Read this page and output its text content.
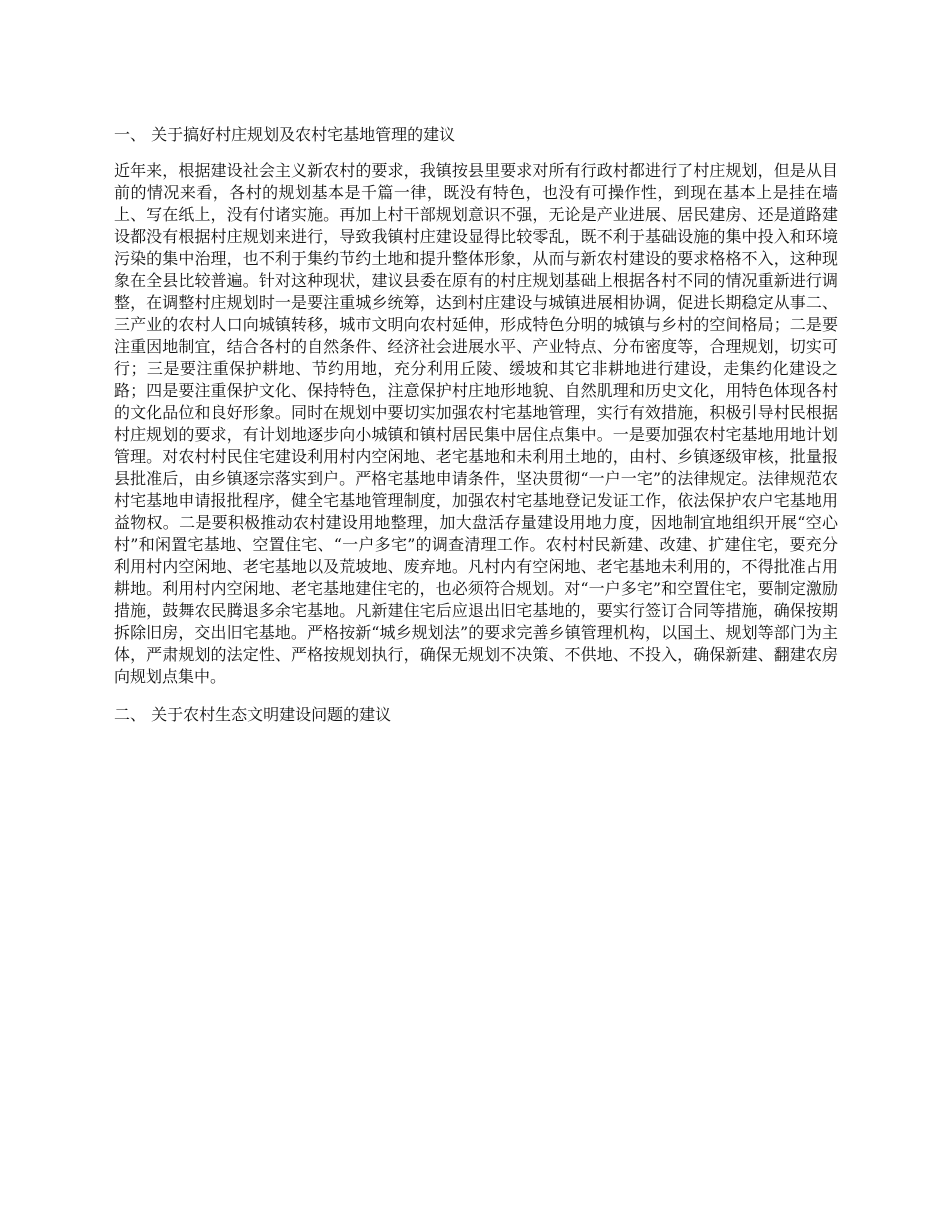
一、 关于搞好村庄规划及农村宅基地管理的建议

近年来，根据建设社会主义新农村的要求，我镇按县里要求对所有行政村都进行了村庄规划，但是从目前的情况来看，各村的规划基本是千篇一律，既没有特色，也没有可操作性，到现在基本上是挂在墙上、写在纸上，没有付诸实施。再加上村干部规划意识不强，无论是产业进展、居民建房、还是道路建设都没有根据村庄规划来进行，导致我镇村庄建设显得比较零乱，既不利于基础设施的集中投入和环境污染的集中治理，也不利于集约节约土地和提升整体形象，从而与新农村建设的要求格格不入，这种现象在全县比较普遍。针对这种现状，建议县委在原有的村庄规划基础上根据各村不同的情况重新进行调整，在调整村庄规划时一是要注重城乡统筹，达到村庄建设与城镇进展相协调，促进长期稳定从事二、三产业的农村人口向城镇转移，城市文明向农村延伸，形成特色分明的城镇与乡村的空间格局；二是要注重因地制宜，结合各村的自然条件、经济社会进展水平、产业特点、分布密度等，合理规划，切实可行；三是要注重保护耕地、节约用地，充分利用丘陵、缓坡和其它非耕地进行建设，走集约化建设之路；四是要注重保护文化、保持特色，注意保护村庄地形地貌、自然肌理和历史文化，用特色体现各村的文化品位和良好形象。同时在规划中要切实加强农村宅基地管理，实行有效措施，积极引导村民根据村庄规划的要求，有计划地逐步向小城镇和镇村居民集中居住点集中。一是要加强农村宅基地用地计划管理。对农村村民住宅建设利用村内空闲地、老宅基地和未利用土地的，由村、乡镇逐级审核，批量报县批准后，由乡镇逐宗落实到户。严格宅基地申请条件，坚决贯彻“一户一宅”的法律规定。法律规范农村宅基地申请报批程序，健全宅基地管理制度，加强农村宅基地登记发证工作，依法保护农户宅基地用益物权。二是要积极推动农村建设用地整理，加大盘活存量建设用地力度，因地制宜地组织开展“空心村”和闲置宅基地、空置住宅、“一户多宅”的调查清理工作。农村村民新建、改建、扩建住宅，要充分利用村内空闲地、老宅基地以及荒坡地、废弃地。凡村内有空闲地、老宅基地未利用的，不得批准占用耕地。利用村内空闲地、老宅基地建住宅的，也必须符合规划。对“一户多宅”和空置住宅，要制定激励措施，鼓舞农民腾退多余宅基地。凡新建住宅后应退出旧宅基地的，要实行签订合同等措施，确保按期拆除旧房，交出旧宅基地。严格按新“城乡规划法”的要求完善乡镇管理机构，以国土、规划等部门为主体，严肃规划的法定性、严格按规划执行，确保无规划不决策、不供地、不投入，确保新建、翻建农房向规划点集中。

二、 关于农村生态文明建设问题的建议
